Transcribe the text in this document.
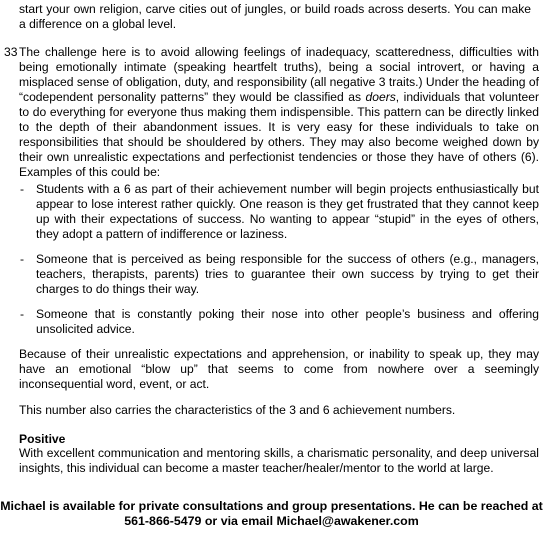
start your own religion, carve cities out of jungles, or build roads across deserts. You can make a difference on a global level.

33 The challenge here is to avoid allowing feelings of inadequacy, scatteredness, difficulties with being emotionally intimate (speaking heartfelt truths), being a social introvert, or having a misplaced sense of obligation, duty, and responsibility (all negative 3 traits.) Under the heading of “codependent personality patterns” they would be classified as doers, individuals that volunteer to do everything for everyone thus making them indispensible. This pattern can be directly linked to the depth of their abandonment issues. It is very easy for these individuals to take on responsibilities that should be shouldered by others. They may also become weighed down by their own unrealistic expectations and perfectionist tendencies or those they have of others (6). Examples of this could be:
- Students with a 6 as part of their achievement number will begin projects enthusiastically but appear to lose interest rather quickly. One reason is they get frustrated that they cannot keep up with their expectations of success. No wanting to appear “stupid” in the eyes of others, they adopt a pattern of indifference or laziness.

- Someone that is perceived as being responsible for the success of others (e.g., managers, teachers, therapists, parents) tries to guarantee their own success by trying to get their charges to do things their way.

- Someone that is constantly poking their nose into other people’s business and offering unsolicited advice.

Because of their unrealistic expectations and apprehension, or inability to speak up, they may have an emotional “blow up” that seems to come from nowhere over a seemingly inconsequential word, event, or act.

This number also carries the characteristics of the 3 and 6 achievement numbers.

Positive

With excellent communication and mentoring skills, a charismatic personality, and deep universal insights, this individual can become a master teacher/healer/mentor to the world at large.

Michael is available for private consultations and group presentations. He can be reached at
561-866-5479 or via email Michael@awakener.com
